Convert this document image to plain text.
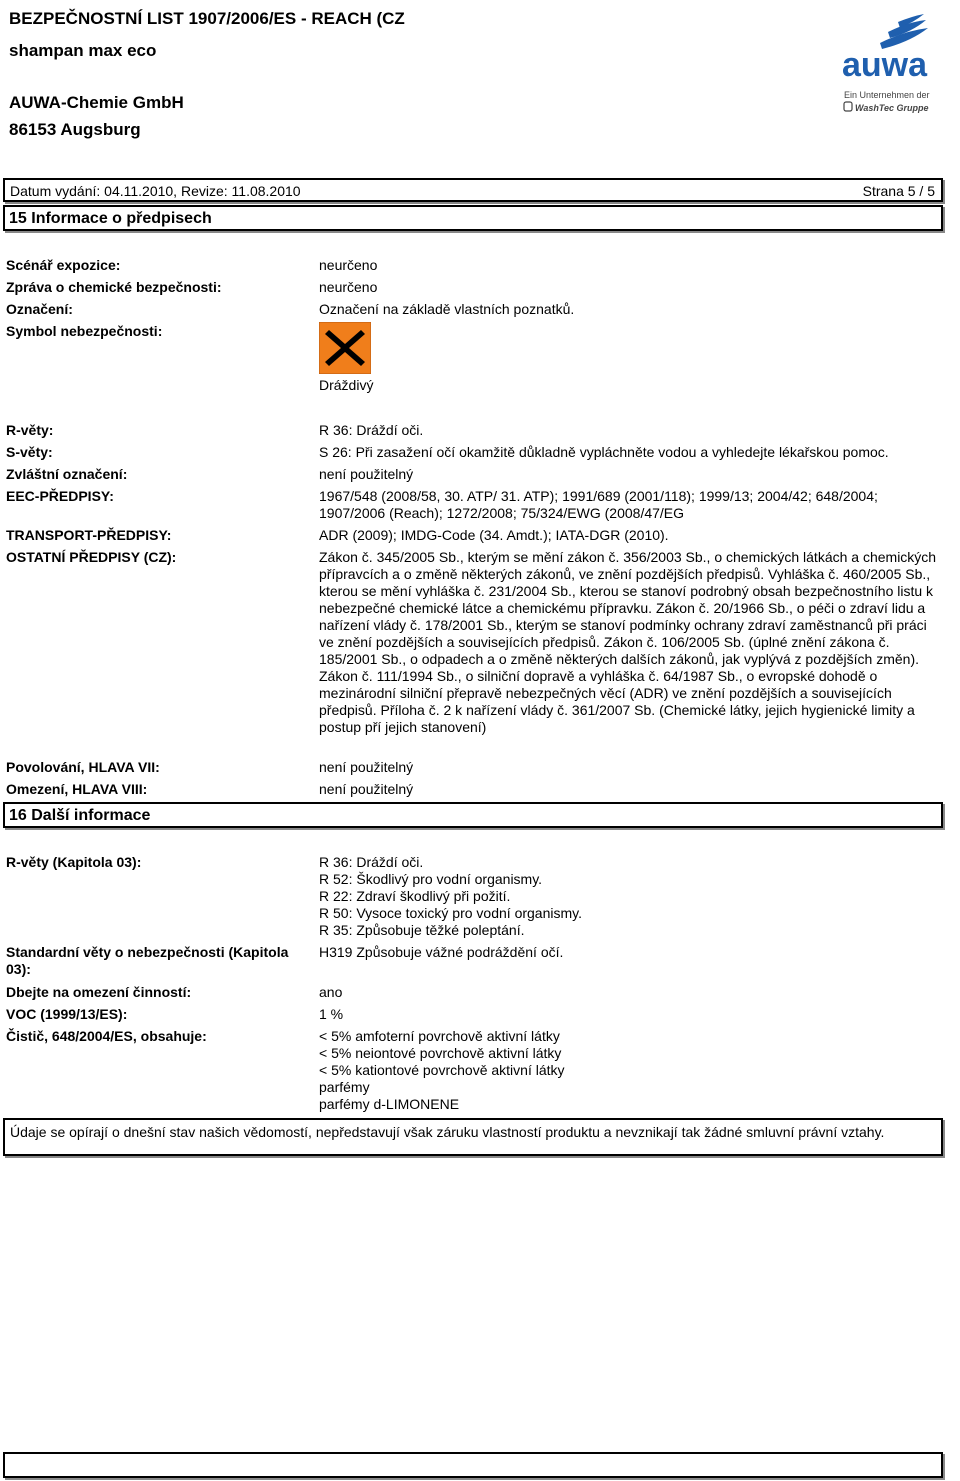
BEZPEČNOSTNÍ LIST 1907/2006/ES - REACH (CZ
shampan max eco
AUWA-Chemie GmbH
86153 Augsburg
auwa
Ein Unternehmen der
WashTec Gruppe
Datum vydání: 04.11.2010, Revize: 11.08.2010	Strana 5 / 5
15 Informace o předpisech
Scénář expozice:	neurčeno
Zpráva o chemické bezpečnosti:	neurčeno
Označení:	Označení na základě vlastních poznatků.
Symbol nebezpečnosti:
Dráždivý
R-věty:	R 36: Dráždí oči.
S-věty:	S 26: Při zasažení očí okamžitě důkladně vypláchněte vodou a vyhledejte lékařskou pomoc.
Zvláštní označení:	není použitelný
EEC-PŘEDPISY:	1967/548 (2008/58, 30. ATP/ 31. ATP); 1991/689 (2001/118); 1999/13; 2004/42; 648/2004; 1907/2006 (Reach); 1272/2008; 75/324/EWG (2008/47/EG
TRANSPORT-PŘEDPISY:	ADR (2009); IMDG-Code (34. Amdt.); IATA-DGR (2010).
OSTATNÍ PŘEDPISY (CZ):	Zákon č. 345/2005 Sb., kterým se mění zákon č. 356/2003 Sb., o chemických látkách a chemických přípravcích a o změně některých zákonů, ve znění pozdějších předpisů. Vyhláška č. 460/2005 Sb., kterou se mění vyhláška č. 231/2004 Sb., kterou se stanoví podrobný obsah bezpečnostního listu k nebezpečné chemické látce a chemickému přípravku. Zákon č. 20/1966 Sb., o péči o zdraví lidu a nařízení vlády č. 178/2001 Sb., kterým se stanoví podmínky ochrany zdraví zaměstnanců při práci ve znění pozdějších a souvisejících předpisů. Zákon č. 106/2005 Sb. (úplné znění zákona č. 185/2001 Sb., o odpadech a o změně některých dalších zákonů, jak vyplývá z pozdějších změn). Zákon č. 111/1994 Sb., o silniční dopravě a vyhláška č. 64/1987 Sb., o evropské dohodě o mezinárodní silniční přepravě nebezpečných věcí (ADR) ve znění pozdějších a souvisejících předpisů. Příloha č. 2 k nařízení vlády č. 361/2007 Sb. (Chemické látky, jejich hygienické limity a postup pří jejich stanovení)
Povolování, HLAVA VII:	není použitelný
Omezení, HLAVA VIII:	není použitelný
16 Další informace
R-věty (Kapitola 03):	R 36: Dráždí oči.
R 52: Škodlivý pro vodní organismy.
R 22: Zdraví škodlivý při požití.
R 50: Vysoce toxický pro vodní organismy.
R 35: Způsobuje těžké poleptání.
Standardní věty o nebezpečnosti (Kapitola 03):
H319 Způsobuje vážné podráždění očí.
Dbejte na omezení činností:	ano
VOC (1999/13/ES):	1 %
Čistič, 648/2004/ES, obsahuje:	< 5% amfoterní povrchově aktivní látky
< 5% neiontové povrchově aktivní látky
< 5% kationtové povrchově aktivní látky
parfémy
parfémy d-LIMONENE
Údaje se opírají o dnešní stav našich vědomostí, nepředstavují však záruku vlastností produktu a nevznikají tak žádné smluvní právní vztahy.
